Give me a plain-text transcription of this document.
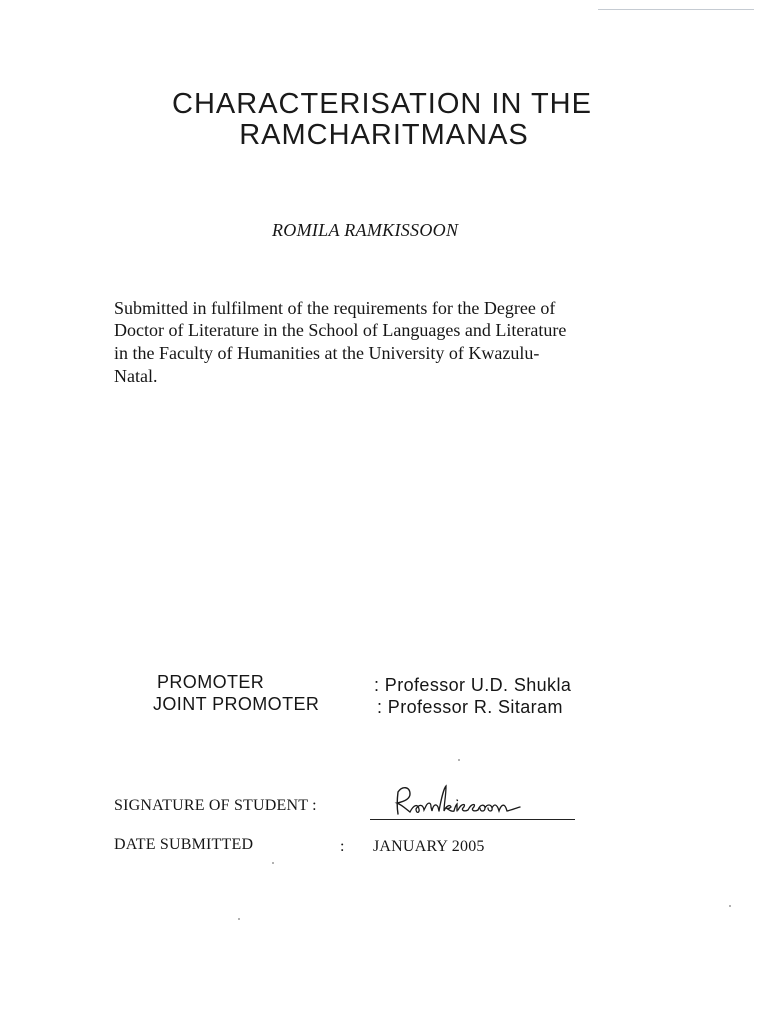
CHARACTERISATION IN THE
RAMCHARITMANAS
ROMILA RAMKISSOON
Submitted in fulfilment of the requirements for the Degree of
Doctor of Literature in the School of Languages and Literature
in the Faculty of Humanities at the University of Kwazulu-
Natal.
PROMOTER	: Professor U.D. Shukla
JOINT PROMOTER	: Professor R. Sitaram
SIGNATURE OF STUDENT :
DATE SUBMITTED	: JANUARY 2005
